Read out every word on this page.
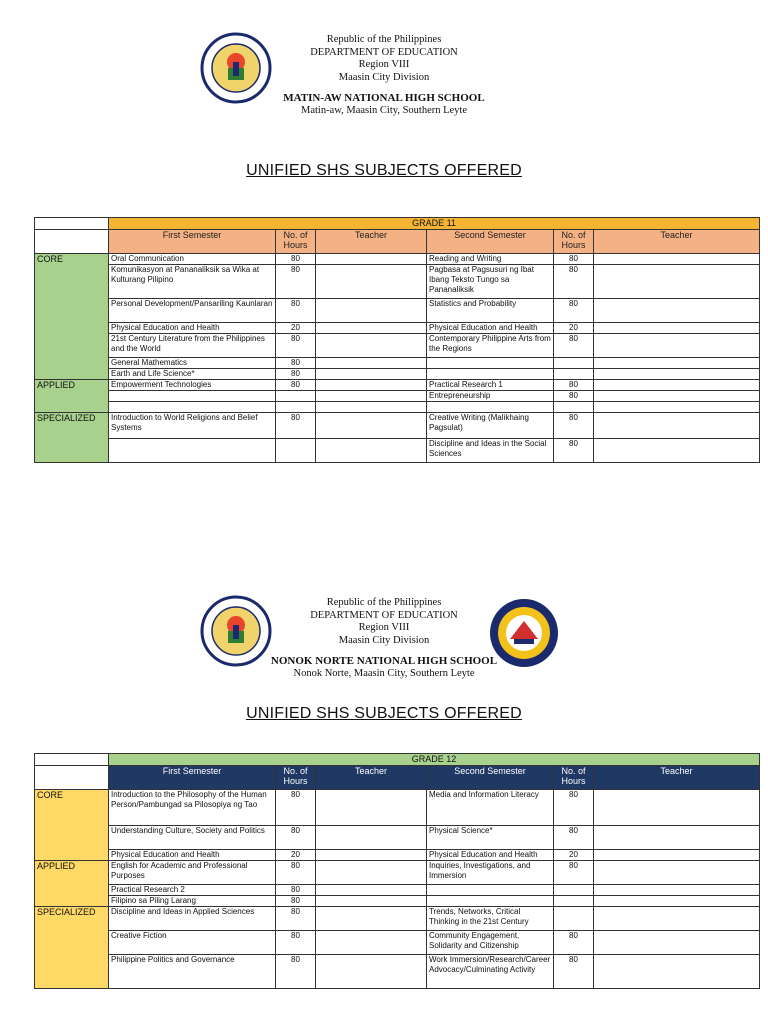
Republic of the Philippines
DEPARTMENT OF EDUCATION
Region VIII
Maasin City Division
MATIN-AW NATIONAL HIGH SCHOOL
Matin-aw, Maasin City, Southern Leyte
UNIFIED SHS SUBJECTS OFFERED
	GRADE 11					
	First Semester	No. of Hours	Teacher	Second Semester	No. of Hours	Teacher
CORE	Oral Communication	80		Reading and Writing	80	
	Komunikasyon at Pananaliksik sa Wika at Kulturang Pilipino	80		Pagbasa at Pagsusuri ng Ibat Ibang Teksto Tungo sa Pananaliksik	80	
	Personal Development/Pansariling Kaunlaran	80		Statistics and Probability	80	
	Physical Education and Health	20		Physical Education and Health	20	
	21st Century Literature from the Philippines and the World	80		Contemporary Philippine Arts from the Regions	80	
	General Mathematics	80				
	Earth and Life Science*	80				
APPLIED	Empowerment Technologies	80		Practical Research 1	80	
				Entrepreneurship	80	

SPECIALIZED	Introduction to World Religions and Belief Systems	80		Creative Writing (Malikhaing Pagsulat)	80	
				Discipline and Ideas in the Social Sciences	80	
Republic of the Philippines
DEPARTMENT OF EDUCATION
Region VIII
Maasin City Division
NONOK NORTE NATIONAL HIGH SCHOOL
Nonok Norte, Maasin City, Southern Leyte
UNIFIED SHS SUBJECTS OFFERED
	GRADE 12					
	First Semester	No. of Hours	Teacher	Second Semester	No. of Hours	Teacher
CORE	Introduction to the Philosophy of the Human Person/Pambungad sa Pilosopiya ng Tao	80		Media and Information Literacy	80	
	Understanding Culture, Society and Politics	80		Physical Science*	80	
	Physical Education and Health	20		Physical Education and Health	20	
APPLIED	English for Academic and Professional Purposes	80		Inquiries, Investigations, and Immersion	80	
	Practical Research 2	80				
	Filipino sa Piling Larang	80				
SPECIALIZED	Discipline and Ideas in Applied Sciences	80		Trends, Networks, Critical Thinking in the 21st Century		
	Creative Fiction	80		Community Engagement, Solidarity and Citizenship	80	
	Philippine Politics and Governance	80		Work Immersion/Research/Career Advocacy/Culminating Activity	80	
